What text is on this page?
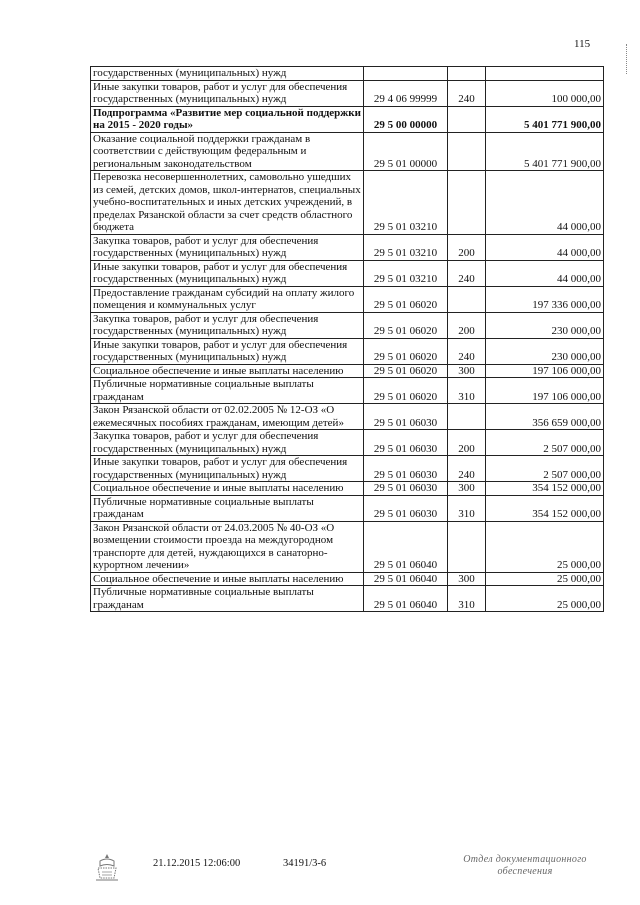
115
государственных (муниципальных) нужд			
Иные закупки товаров, работ и услуг для обеспечения государственных (муниципальных) нужд	29 4 06 99999	240	100 000,00
Подпрограмма «Развитие мер социальной поддержки на 2015 - 2020 годы»	29 5 00 00000		5 401 771 900,00
Оказание социальной поддержки гражданам в соответствии с действующим федеральным и региональным законодательством	29 5 01 00000		5 401 771 900,00
Перевозка несовершеннолетних, самовольно ушедших из семей, детских домов, школ-интернатов, специальных учебно-воспитательных и иных детских учреждений, в пределах Рязанской области за счет средств областного бюджета	29 5 01 03210		44 000,00
Закупка товаров, работ и услуг для обеспечения государственных (муниципальных) нужд	29 5 01 03210	200	44 000,00
Иные закупки товаров, работ и услуг для обеспечения государственных (муниципальных) нужд	29 5 01 03210	240	44 000,00
Предоставление гражданам субсидий на оплату жилого помещения и коммунальных услуг	29 5 01 06020		197 336 000,00
Закупка товаров, работ и услуг для обеспечения государственных (муниципальных) нужд	29 5 01 06020	200	230 000,00
Иные закупки товаров, работ и услуг для обеспечения государственных (муниципальных) нужд	29 5 01 06020	240	230 000,00
Социальное обеспечение и иные выплаты населению	29 5 01 06020	300	197 106 000,00
Публичные нормативные социальные выплаты гражданам	29 5 01 06020	310	197 106 000,00
Закон Рязанской области от 02.02.2005 № 12-ОЗ «О ежемесячных пособиях гражданам, имеющим детей»	29 5 01 06030		356 659 000,00
Закупка товаров, работ и услуг для обеспечения государственных (муниципальных) нужд	29 5 01 06030	200	2 507 000,00
Иные закупки товаров, работ и услуг для обеспечения государственных (муниципальных) нужд	29 5 01 06030	240	2 507 000,00
Социальное обеспечение и иные выплаты населению	29 5 01 06030	300	354 152 000,00
Публичные нормативные социальные выплаты гражданам	29 5 01 06030	310	354 152 000,00
Закон Рязанской области от 24.03.2005 № 40-ОЗ «О возмещении стоимости проезда на междугородном транспорте для детей, нуждающихся в санаторно-курортном лечении»	29 5 01 06040		25 000,00
Социальное обеспечение и иные выплаты населению	29 5 01 06040	300	25 000,00
Публичные нормативные социальные выплаты гражданам	29 5 01 06040	310	25 000,00
21.12.2015 12:06:00	34191/3-6	Отдел документационного
обеспечения
